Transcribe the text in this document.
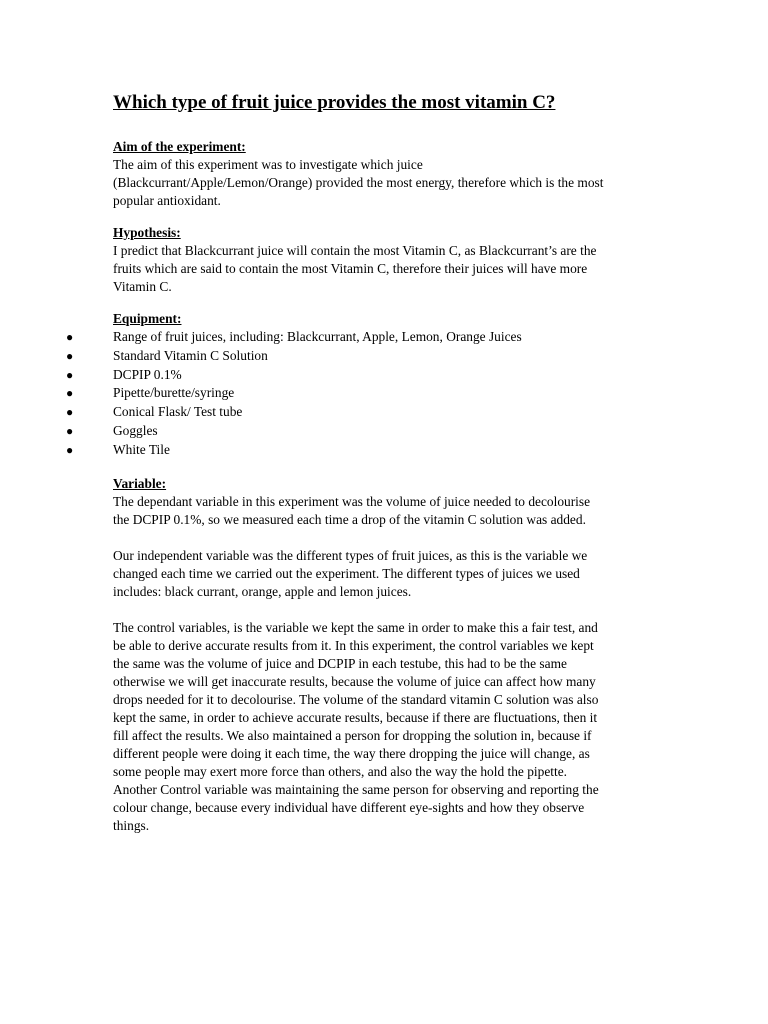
Which type of fruit juice provides the most vitamin C?
Aim of the experiment:
The aim of this experiment was to investigate which juice
(Blackcurrant/Apple/Lemon/Orange) provided the most energy, therefore which is the most
popular antioxidant.
Hypothesis:
I predict that Blackcurrant juice will contain the most Vitamin C, as Blackcurrant’s are the
fruits which are said to contain the most Vitamin C, therefore their juices will have more
Vitamin C.
Equipment:
●	Range of fruit juices, including: Blackcurrant, Apple, Lemon, Orange Juices
●	Standard Vitamin C Solution
●	DCPIP 0.1%
●	Pipette/burette/syringe
●	Conical Flask/ Test tube
●	Goggles
●	White Tile
Variable:
The dependant variable in this experiment was the volume of juice needed to decolourise
the DCPIP 0.1%, so we measured each time a drop of the vitamin C solution was added.
Our independent variable was the different types of fruit juices, as this is the variable we
changed each time we carried out the experiment. The different types of juices we used
includes: black currant, orange, apple and lemon juices.
The control variables, is the variable we kept the same in order to make this a fair test, and
be able to derive accurate results from it. In this experiment, the control variables we kept
the same was the volume of juice and DCPIP in each testube, this had to be the same
otherwise we will get inaccurate results, because the volume of juice can affect how many
drops needed for it to decolourise. The volume of the standard vitamin C solution was also
kept the same, in order to achieve accurate results, because if there are fluctuations, then it
fill affect the results. We also maintained a person for dropping the solution in, because if
different people were doing it each time, the way there dropping the juice will change, as
some people may exert more force than others, and also the way the hold the pipette.
Another Control variable was maintaining the same person for observing and reporting the
colour change, because every individual have different eye-sights and how they observe
things.
